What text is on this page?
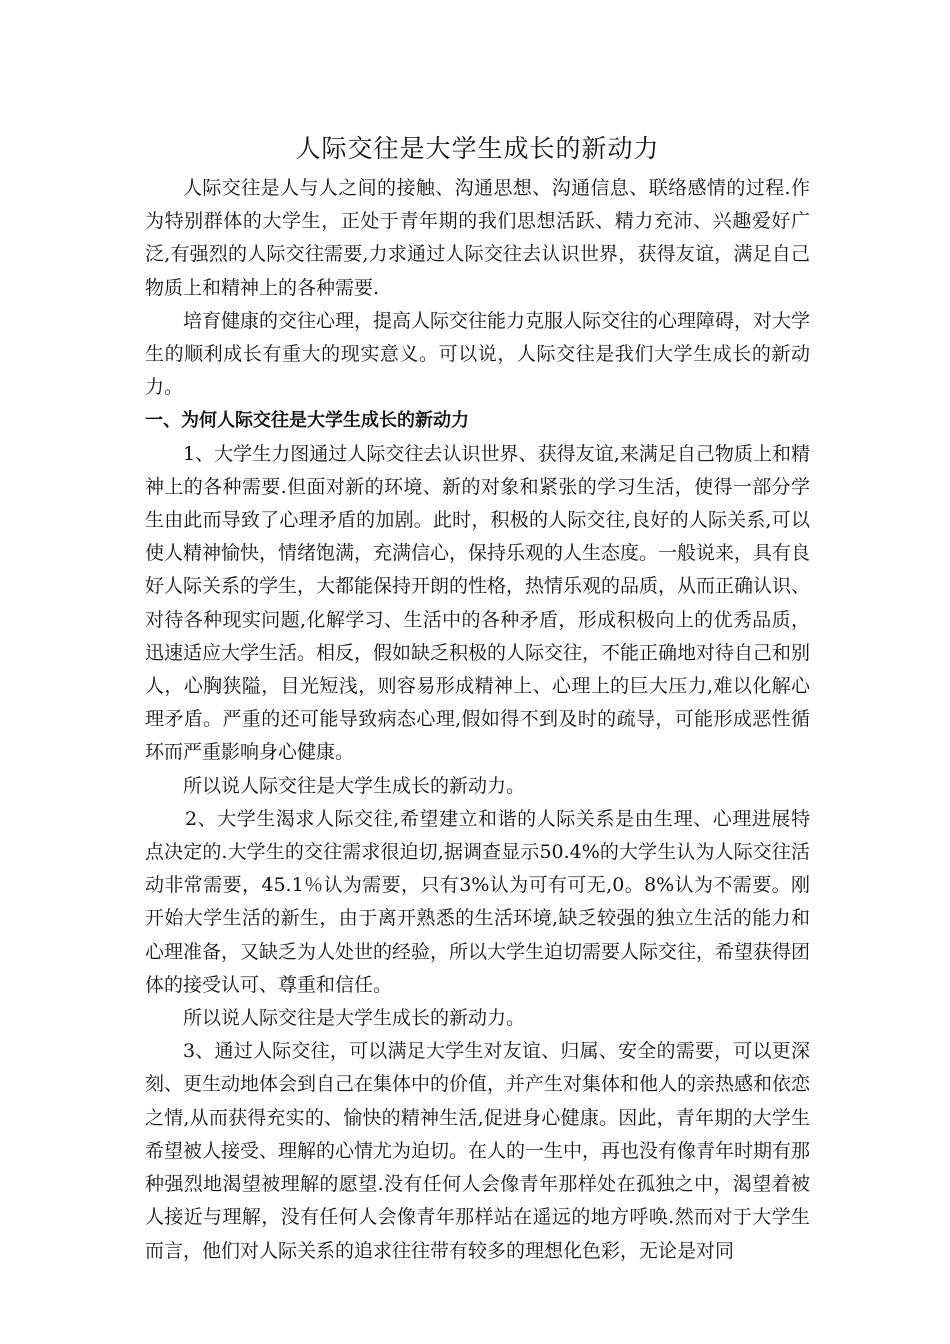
人际交往是大学生成长的新动力

人际交往是人与人之间的接触、沟通思想、沟通信息、联络感情的过程.作为特别群体的大学生，正处于青年期的我们思想活跃、精力充沛、兴趣爱好广泛,有强烈的人际交往需要,力求通过人际交往去认识世界，获得友谊，满足自己物质上和精神上的各种需要.

培育健康的交往心理，提高人际交往能力克服人际交往的心理障碍，对大学生的顺利成长有重大的现实意义。可以说，人际交往是我们大学生成长的新动力。

一、为何人际交往是大学生成长的新动力

1、大学生力图通过人际交往去认识世界、获得友谊,来满足自己物质上和精神上的各种需要.但面对新的环境、新的对象和紧张的学习生活，使得一部分学生由此而导致了心理矛盾的加剧。此时，积极的人际交往,良好的人际关系,可以使人精神愉快，情绪饱满，充满信心，保持乐观的人生态度。一般说来，具有良好人际关系的学生，大都能保持开朗的性格，热情乐观的品质，从而正确认识、对待各种现实问题,化解学习、生活中的各种矛盾，形成积极向上的优秀品质，迅速适应大学生活。相反，假如缺乏积极的人际交往，不能正确地对待自己和别人，心胸狭隘，目光短浅，则容易形成精神上、心理上的巨大压力,难以化解心理矛盾。严重的还可能导致病态心理,假如得不到及时的疏导，可能形成恶性循环而严重影响身心健康。

所以说人际交往是大学生成长的新动力。

2、大学生渴求人际交往,希望建立和谐的人际关系是由生理、心理进展特点决定的.大学生的交往需求很迫切,据调查显示50.4%的大学生认为人际交往活动非常需要，45.1％认为需要，只有3%认为可有可无,0。8%认为不需要。刚开始大学生活的新生，由于离开熟悉的生活环境,缺乏较强的独立生活的能力和心理准备，又缺乏为人处世的经验，所以大学生迫切需要人际交往，希望获得团体的接受认可、尊重和信任。

所以说人际交往是大学生成长的新动力。

3、通过人际交往，可以满足大学生对友谊、归属、安全的需要，可以更深刻、更生动地体会到自己在集体中的价值，并产生对集体和他人的亲热感和依恋之情,从而获得充实的、愉快的精神生活,促进身心健康。因此，青年期的大学生希望被人接受、理解的心情尤为迫切。在人的一生中，再也没有像青年时期有那种强烈地渴望被理解的愿望.没有任何人会像青年那样处在孤独之中，渴望着被人接近与理解，没有任何人会像青年那样站在遥远的地方呼唤.然而对于大学生而言，他们对人际关系的追求往往带有较多的理想化色彩，无论是对同
